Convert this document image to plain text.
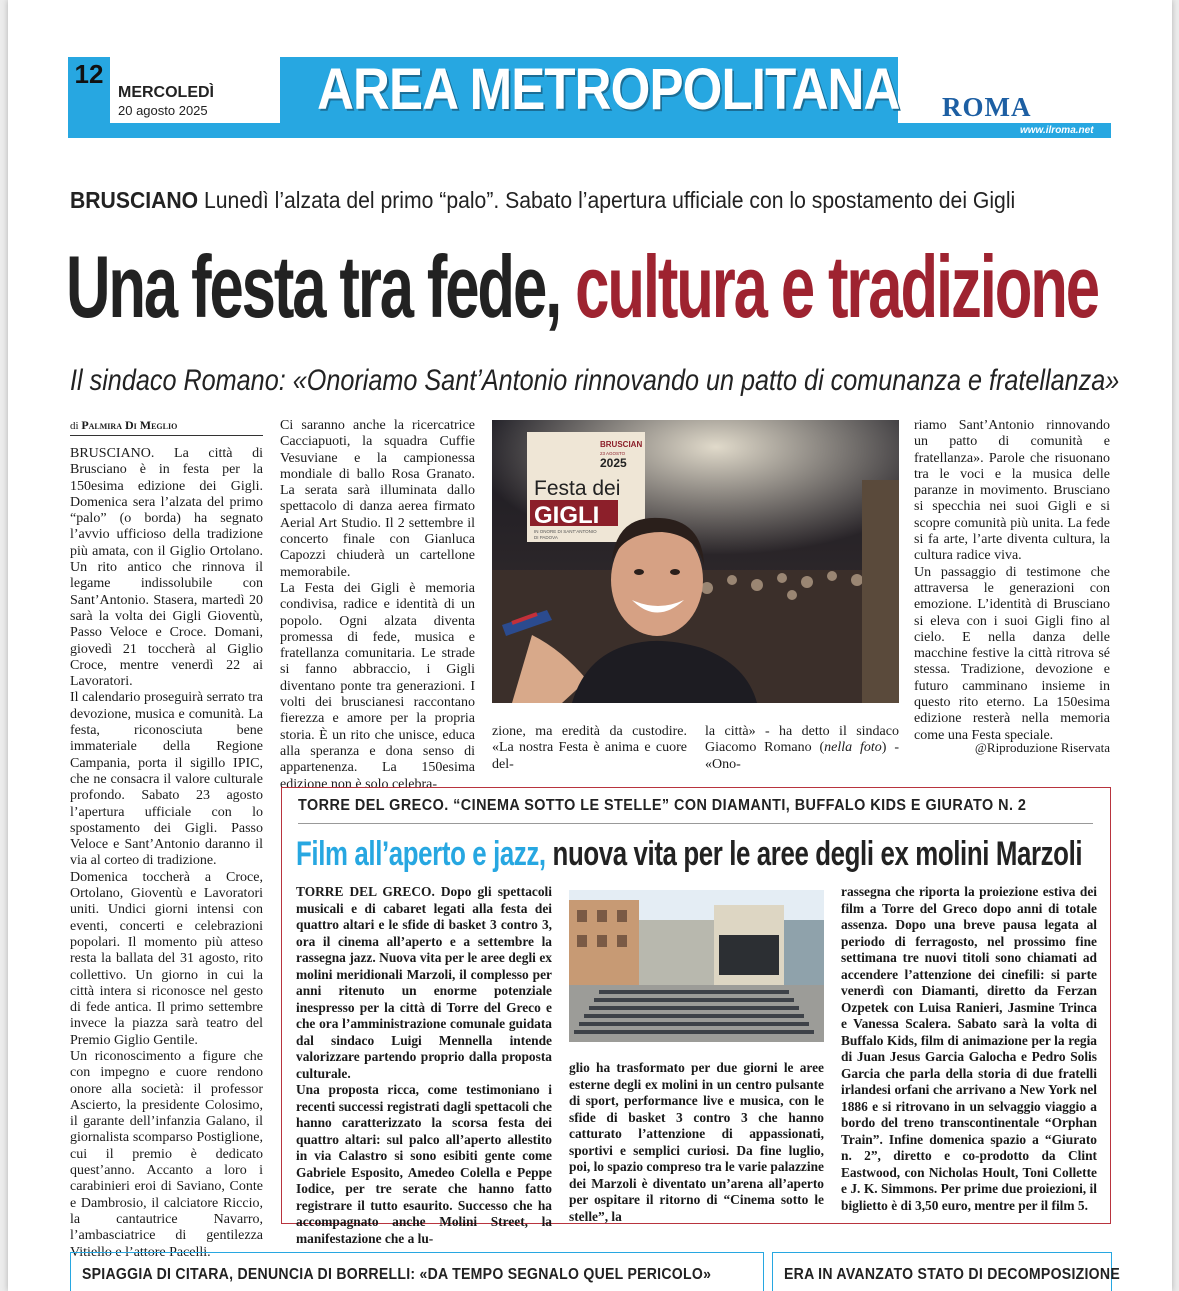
12
MERCOLEDÌ
20 agosto 2025 AREA METROPOLITANA ROMA
www.ilroma.net
BRUSCIANO Lunedì l’alzata del primo “palo”. Sabato l’apertura ufficiale con lo spostamento dei Gigli
Una festa tra fede, cultura e tradizione
Il sindaco Romano: «Onoriamo Sant’Antonio rinnovando un patto di comunanza e fratellanza»
di Palmira Di Meglio

BRUSCIANO. La città di Brusciano è in festa per la 150esima edizione dei Gigli. Domenica sera l’alzata del primo “palo” (o borda) ha segnato l’avvio ufficioso della tradizione più amata, con il Giglio Ortolano. Un rito antico che rinnova il legame indissolubile con Sant’Antonio. Stasera, martedì 20 sarà la volta dei Gigli Gioventù, Passo Veloce e Croce. Domani, giovedì 21 toccherà al Giglio Croce, mentre venerdì 22 ai Lavoratori.

Il calendario proseguirà serrato tra devozione, musica e comunità. La festa, riconosciuta bene immateriale della Regione Campania, porta il sigillo IPIC, che ne consacra il valore culturale profondo. Sabato 23 agosto l’apertura ufficiale con lo spostamento dei Gigli. Passo Veloce e Sant’Antonio daranno il via al corteo di tradizione.

Domenica toccherà a Croce, Ortolano, Gioventù e Lavoratori uniti. Undici giorni intensi con eventi, concerti e celebrazioni popolari. Il momento più atteso resta la ballata del 31 agosto, rito collettivo. Un giorno in cui la città intera si riconosce nel gesto di fede antica. Il primo settembre invece la piazza sarà teatro del Premio Giglio Gentile.

Un riconoscimento a figure che con impegno e cuore rendono onore alla società: il professor Ascierto, la presidente Colosimo, il garante dell’infanzia Galano, il giornalista scomparso Postiglione, cui il premio è dedicato quest’anno. Accanto a loro i carabinieri eroi di Saviano, Conte e Dambrosio, il calciatore Riccio, la cantautrice Navarro, l’ambasciatrice di gentilezza Vitiello e l’attore Pacelli.

Ci saranno anche la ricercatrice Cacciapuoti, la squadra Cuffie Vesuviane e la campionessa mondiale di ballo Rosa Granato. La serata sarà illuminata dallo spettacolo di danza aerea firmato Aerial Art Studio. Il 2 settembre il concerto finale con Gianluca Capozzi chiuderà un cartellone memorabile.

La Festa dei Gigli è memoria condivisa, radice e identità di un popolo. Ogni alzata diventa promessa di fede, musica e fratellanza comunitaria. Le strade si fanno abbraccio, i Gigli diventano ponte tra generazioni. I volti dei bruscianesi raccontano fierezza e amore per la propria storia. È un rito che unisce, educa alla speranza e dona senso di appartenenza. La 150esima edizione non è solo celebra-

BRUSCIAN
23 AGOSTO
2025
Festa dei
GIGLI
IN ONORE DI SANT’ANTONIO
DI PADOVA
zione, ma eredità da custodire. «La nostra Festa è anima e cuore del-
la città» - ha detto il sindaco Giacomo Romano (nella foto) - «Ono-

riamo Sant’Antonio rinnovando un patto di comunità e fratellanza». Parole che risuonano tra le voci e la musica delle paranze in movimento. Brusciano si specchia nei suoi Gigli e si scopre comunità più unita. La fede si fa arte, l’arte diventa cultura, la cultura radice viva.

Un passaggio di testimone che attraversa le generazioni con emozione. L’identità di Brusciano si eleva con i suoi Gigli fino al cielo. E nella danza delle macchine festive la città ritrova sé stessa. Tradizione, devozione e futuro camminano insieme in questo rito eterno. La 150esima edizione resterà nella memoria come una Festa speciale.

@Riproduzione Riservata
TORRE DEL GRECO. “CINEMA SOTTO LE STELLE” CON DIAMANTI, BUFFALO KIDS E GIURATO N. 2
Film all’aperto e jazz, nuova vita per le aree degli ex molini Marzoli

TORRE DEL GRECO. Dopo gli spettacoli musicali e di cabaret legati alla festa dei quattro altari e le sfide di basket 3 contro 3, ora il cinema all’aperto e a settembre la rassegna jazz. Nuova vita per le aree degli ex molini meridionali Marzoli, il complesso per anni ritenuto un enorme potenziale inespresso per la città di Torre del Greco e che ora l’amministrazione comunale guidata dal sindaco Luigi Mennella intende valorizzare partendo proprio dalla proposta culturale.

Una proposta ricca, come testimoniano i recenti successi registrati dagli spettacoli che hanno caratterizzato la scorsa festa dei quattro altari: sul palco all’aperto allestito in via Calastro si sono esibiti gente come Gabriele Esposito, Amedeo Colella e Peppe Iodice, per tre serate che hanno fatto registrare il tutto esaurito. Successo che ha accompagnato anche Molini Street, la manifestazione che a lu-

glio ha trasformato per due giorni le aree esterne degli ex molini in un centro pulsante di sport, performance live e musica, con le sfide di basket 3 contro 3 che hanno catturato l’attenzione di appassionati, sportivi e semplici curiosi. Da fine luglio, poi, lo spazio compreso tra le varie palazzine dei Marzoli è diventato un’arena all’aperto per ospitare il ritorno di “Cinema sotto le stelle”, la
rassegna che riporta la proiezione estiva dei film a Torre del Greco dopo anni di totale assenza. Dopo una breve pausa legata al periodo di ferragosto, nel prossimo fine settimana tre nuovi titoli sono chiamati ad accendere l’attenzione dei cinefili: si parte venerdì con Diamanti, diretto da Ferzan Ozpetek con Luisa Ranieri, Jasmine Trinca e Vanessa Scalera. Sabato sarà la volta di Buffalo Kids, film di animazione per la regia di Juan Jesus Garcia Galocha e Pedro Solis Garcia che parla della storia di due fratelli irlandesi orfani che arrivano a New York nel 1886 e si ritrovano in un selvaggio viaggio a bordo del treno transcontinentale “Orphan Train”. Infine domenica spazio a “Giurato n. 2”, diretto e co-prodotto da Clint Eastwood, con Nicholas Hoult, Toni Collette e J. K. Simmons. Per prime due proiezioni, il biglietto è di 3,50 euro, mentre per il film 5.
SPIAGGIA DI CITARA, DENUNCIA DI BORRELLI: «DA TEMPO SEGNALO QUEL PERICOLO»	ERA IN AVANZATO STATO DI DECOMPOSIZIONE
